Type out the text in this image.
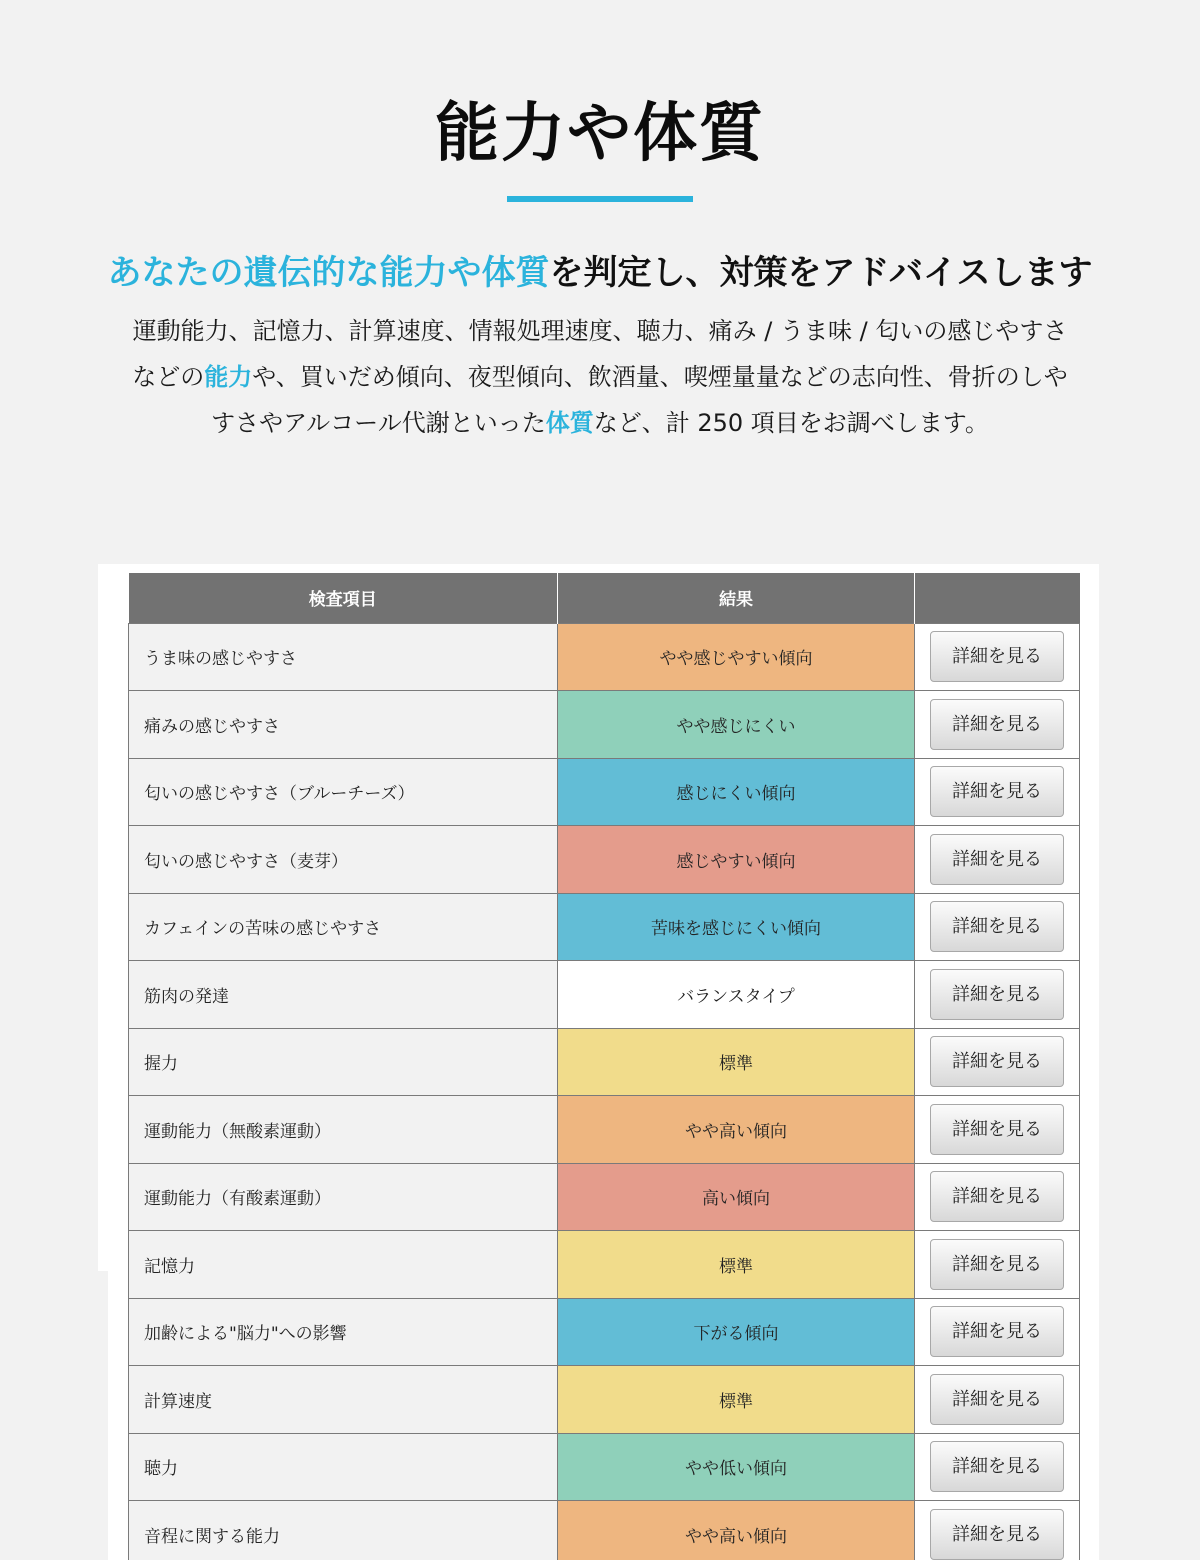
能力や体質
あなたの遺伝的な能力や体質を判定し、対策をアドバイスします
運動能力、記憶力、計算速度、情報処理速度、聴力、痛み / うま味 / 匂いの感じやすさ
などの能力や、買いだめ傾向、夜型傾向、飲酒量、喫煙量量などの志向性、骨折のしや
すさやアルコール代謝といった体質など、計 250 項目をお調べします。
検査項目	結果	
うま味の感じやすさ	やや感じやすい傾向	詳細を見る
痛みの感じやすさ	やや感じにくい	詳細を見る
匂いの感じやすさ（ブルーチーズ）	感じにくい傾向	詳細を見る
匂いの感じやすさ（麦芽）	感じやすい傾向	詳細を見る
カフェインの苦味の感じやすさ	苦味を感じにくい傾向	詳細を見る
筋肉の発達	バランスタイプ	詳細を見る
握力	標準	詳細を見る
運動能力（無酸素運動）	やや高い傾向	詳細を見る
運動能力（有酸素運動）	高い傾向	詳細を見る
記憶力	標準	詳細を見る
加齢による"脳力"への影響	下がる傾向	詳細を見る
計算速度	標準	詳細を見る
聴力	やや低い傾向	詳細を見る
音程に関する能力	やや高い傾向	詳細を見る
